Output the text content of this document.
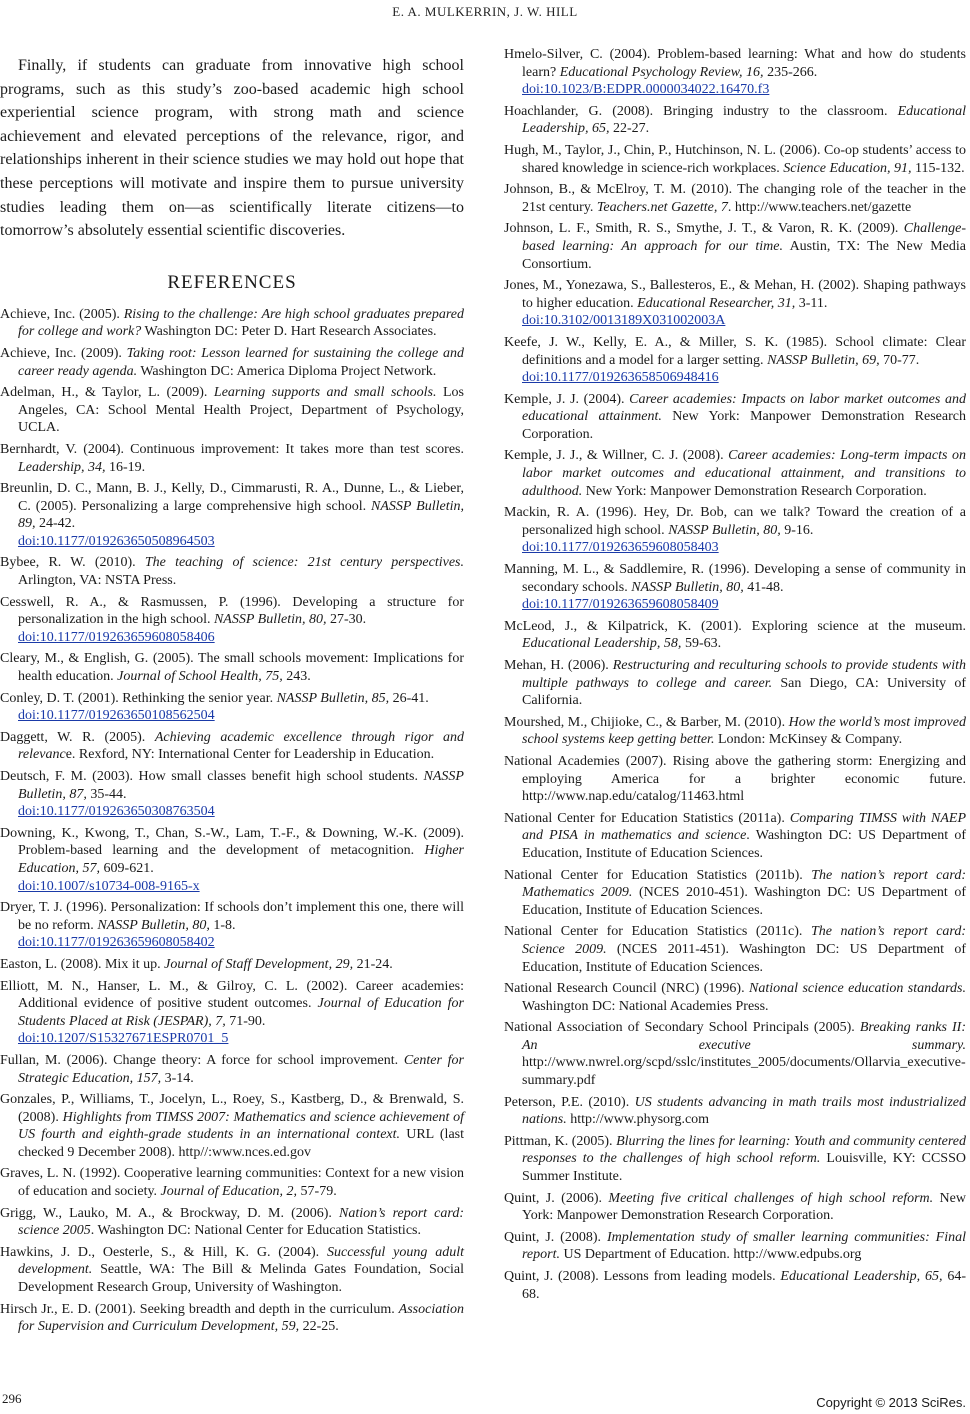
E. A. MULKERRIN, J. W. HILL

Finally, if students can graduate from innovative high school programs, such as this study’s zoo-based academic high school experiential science program, with strong math and science achievement and elevated perceptions of the relevance, rigor, and relationships inherent in their science studies we may hold out hope that these perceptions will motivate and inspire them to pursue university studies leading them on—as scientifically literate citizens—to tomorrow’s absolutely essential scientific discoveries.

REFERENCES

Achieve, Inc. (2005). Rising to the challenge: Are high school graduates prepared for college and work? Washington DC: Peter D. Hart Research Associates.

Achieve, Inc. (2009). Taking root: Lesson learned for sustaining the college and career ready agenda. Washington DC: America Diploma Project Network.

Adelman, H., & Taylor, L. (2009). Learning supports and small schools. Los Angeles, CA: School Mental Health Project, Department of Psychology, UCLA.

Bernhardt, V. (2004). Continuous improvement: It takes more than test scores. Leadership, 34, 16-19.

Breunlin, D. C., Mann, B. J., Kelly, D., Cimmarusti, R. A., Dunne, L., & Lieber, C. (2005). Personalizing a large comprehensive high school. NASSP Bulletin, 89, 24-42.
doi:10.1177/019263650508964503

Bybee, R. W. (2010). The teaching of science: 21st century perspectives. Arlington, VA: NSTA Press.

Cesswell, R. A., & Rasmussen, P. (1996). Developing a structure for personalization in the high school. NASSP Bulletin, 80, 27-30.
doi:10.1177/019263659608058406

Cleary, M., & English, G. (2005). The small schools movement: Implications for health education. Journal of School Health, 75, 243.

Conley, D. T. (2001). Rethinking the senior year. NASSP Bulletin, 85, 26-41.
doi:10.1177/019263650108562504

Daggett, W. R. (2005). Achieving academic excellence through rigor and relevance. Rexford, NY: International Center for Leadership in Education.

Deutsch, F. M. (2003). How small classes benefit high school students. NASSP Bulletin, 87, 35-44.
doi:10.1177/019263650308763504

Downing, K., Kwong, T., Chan, S.-W., Lam, T.-F., & Downing, W.-K. (2009). Problem-based learning and the development of metacognition. Higher Education, 57, 609-621.
doi:10.1007/s10734-008-9165-x

Dryer, T. J. (1996). Personalization: If schools don’t implement this one, there will be no reform. NASSP Bulletin, 80, 1-8.
doi:10.1177/019263659608058402

Easton, L. (2008). Mix it up. Journal of Staff Development, 29, 21-24.

Elliott, M. N., Hanser, L. M., & Gilroy, C. L. (2002). Career academies: Additional evidence of positive student outcomes. Journal of Education for Students Placed at Risk (JESPAR), 7, 71-90.
doi:10.1207/S15327671ESPR0701_5

Fullan, M. (2006). Change theory: A force for school improvement. Center for Strategic Education, 157, 3-14.

Gonzales, P., Williams, T., Jocelyn, L., Roey, S., Kastberg, D., & Brenwald, S. (2008). Highlights from TIMSS 2007: Mathematics and science achievement of US fourth and eighth-grade students in an international context. URL (last checked 9 December 2008). http//:www.nces.ed.gov

Graves, L. N. (1992). Cooperative learning communities: Context for a new vision of education and society. Journal of Education, 2, 57-79.

Grigg, W., Lauko, M. A., & Brockway, D. M. (2006). Nation’s report card: science 2005. Washington DC: National Center for Education Statistics.

Hawkins, J. D., Oesterle, S., & Hill, K. G. (2004). Successful young adult development. Seattle, WA: The Bill & Melinda Gates Foundation, Social Development Research Group, University of Washington.

Hirsch Jr., E. D. (2001). Seeking breadth and depth in the curriculum. Association for Supervision and Curriculum Development, 59, 22-25.

Hmelo-Silver, C. (2004). Problem-based learning: What and how do students learn? Educational Psychology Review, 16, 235-266.
doi:10.1023/B:EDPR.0000034022.16470.f3

Hoachlander, G. (2008). Bringing industry to the classroom. Educational Leadership, 65, 22-27.

Hugh, M., Taylor, J., Chin, P., Hutchinson, N. L. (2006). Co-op students’ access to shared knowledge in science-rich workplaces. Science Education, 91, 115-132.

Johnson, B., & McElroy, T. M. (2010). The changing role of the teacher in the 21st century. Teachers.net Gazette, 7. http://www.teachers.net/gazette

Johnson, L. F., Smith, R. S., Smythe, J. T., & Varon, R. K. (2009). Challenge-based learning: An approach for our time. Austin, TX: The New Media Consortium.

Jones, M., Yonezawa, S., Ballesteros, E., & Mehan, H. (2002). Shaping pathways to higher education. Educational Researcher, 31, 3-11.
doi:10.3102/0013189X031002003A

Keefe, J. W., Kelly, E. A., & Miller, S. K. (1985). School climate: Clear definitions and a model for a larger setting. NASSP Bulletin, 69, 70-77.
doi:10.1177/019263658506948416

Kemple, J. J. (2004). Career academies: Impacts on labor market outcomes and educational attainment. New York: Manpower Demonstration Research Corporation.

Kemple, J. J., & Willner, C. J. (2008). Career academies: Long-term impacts on labor market outcomes and educational attainment, and transitions to adulthood. New York: Manpower Demonstration Research Corporation.

Mackin, R. A. (1996). Hey, Dr. Bob, can we talk? Toward the creation of a personalized high school. NASSP Bulletin, 80, 9-16.
doi:10.1177/019263659608058403

Manning, M. L., & Saddlemire, R. (1996). Developing a sense of community in secondary schools. NASSP Bulletin, 80, 41-48.
doi:10.1177/019263659608058409

McLeod, J., & Kilpatrick, K. (2001). Exploring science at the museum. Educational Leadership, 58, 59-63.

Mehan, H. (2006). Restructuring and reculturing schools to provide students with multiple pathways to college and career. San Diego, CA: University of California.

Mourshed, M., Chijioke, C., & Barber, M. (2010). How the world’s most improved school systems keep getting better. London: McKinsey & Company.

National Academies (2007). Rising above the gathering storm: Energizing and employing America for a brighter economic future. http://www.nap.edu/catalog/11463.html

National Center for Education Statistics (2011a). Comparing TIMSS with NAEP and PISA in mathematics and science. Washington DC: US Department of Education, Institute of Education Sciences.

National Center for Education Statistics (2011b). The nation’s report card: Mathematics 2009. (NCES 2010-451). Washington DC: US Department of Education, Institute of Education Sciences.

National Center for Education Statistics (2011c). The nation’s report card: Science 2009. (NCES 2011-451). Washington DC: US Department of Education, Institute of Education Sciences.

National Research Council (NRC) (1996). National science education standards. Washington DC: National Academies Press.

National Association of Secondary School Principals (2005). Breaking ranks II: An executive summary. http://www.nwrel.org/scpd/sslc/institutes_2005/documents/Ollarvia_executive-summary.pdf

Peterson, P.E. (2010). US students advancing in math trails most industrialized nations. http://www.physorg.com

Pittman, K. (2005). Blurring the lines for learning: Youth and community centered responses to the challenges of high school reform. Louisville, KY: CCSSO Summer Institute.

Quint, J. (2006). Meeting five critical challenges of high school reform. New York: Manpower Demonstration Research Corporation.

Quint, J. (2008). Implementation study of smaller learning communities: Final report. US Department of Education. http://www.edpubs.org

Quint, J. (2008). Lessons from leading models. Educational Leadership, 65, 64-68.

296	Copyright © 2013 SciRes.
